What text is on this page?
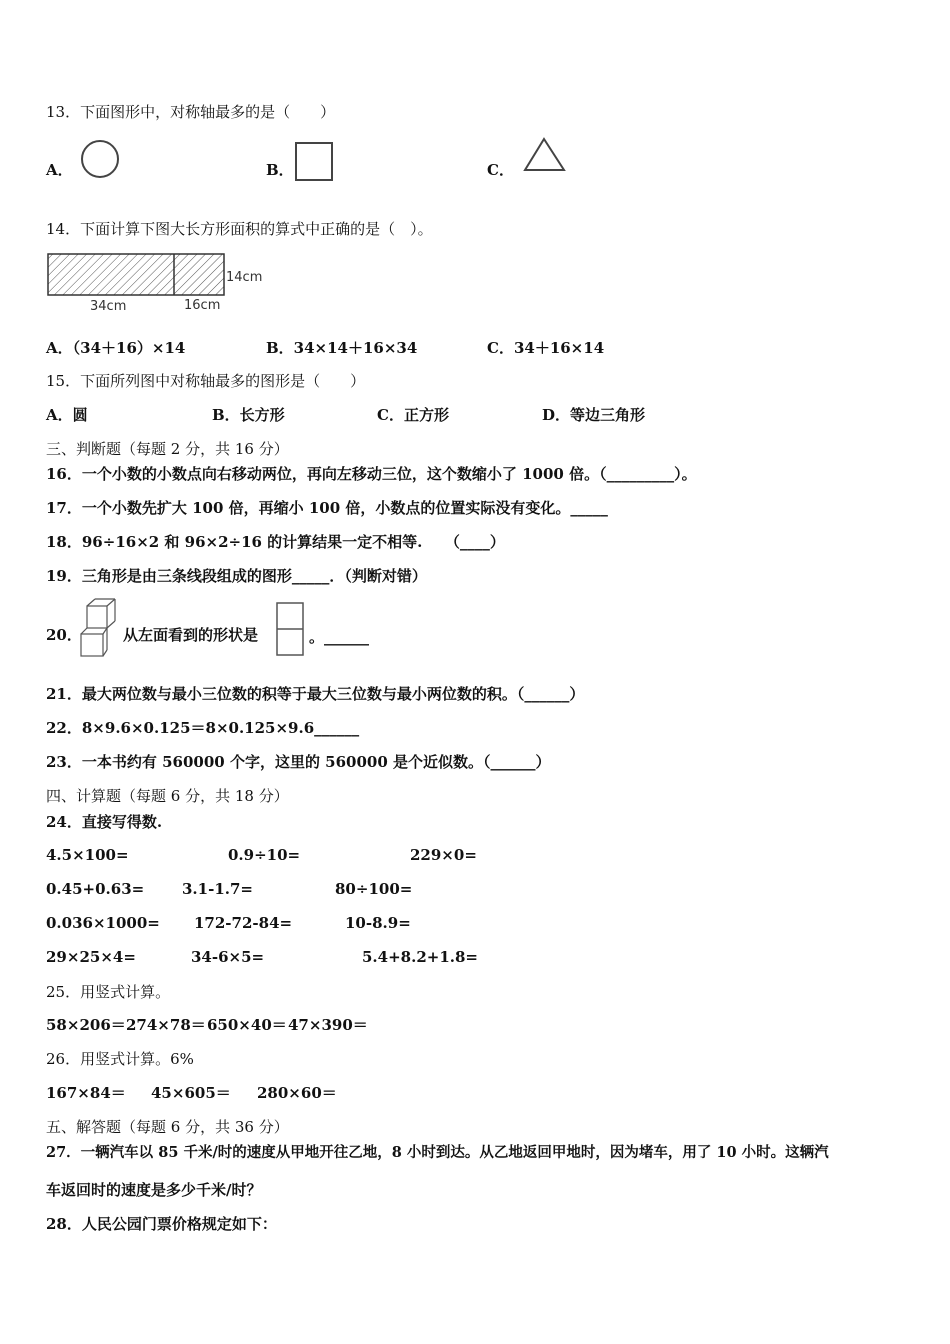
13．下面图形中，对称轴最多的是（　　）
A．	B．	C．
14．下面计算下图大长方形面积的算式中正确的是（　）。
14cm
34cm	16cm
A．（34＋16）×14	B．34×14＋16×34	C．34＋16×14
15．下面所列图中对称轴最多的图形是（　　）
A．圆	B．长方形	C．正方形	D．等边三角形
三、判断题（每题 2 分，共 16 分）
16．一个小数的小数点向右移动两位，再向左移动三位，这个数缩小了 1000 倍。（_________）。
17．一个小数先扩大 100 倍，再缩小 100 倍，小数点的位置实际没有变化。_____
18．96÷16×2 和 96×2÷16 的计算结果一定不相等.　　（____）
19．三角形是由三条线段组成的图形_____．（判断对错）
20．	从左面看到的形状是	。______
21．最大两位数与最小三位数的积等于最大三位数与最小两位数的积。（______）
22．8×9.6×0.125＝8×0.125×9.6______
23．一本书约有 560000 个字，这里的 560000 是个近似数。（______）
四、计算题（每题 6 分，共 18 分）
24．直接写得数.
4.5×100=	0.9÷10=	229×0=
0.45+0.63=	3.1-1.7=	80÷100=
0.036×1000= 172-72-84=	10-8.9=
29×25×4=	34-6×5=	5.4+8.2+1.8=
25．用竖式计算。
58×206＝ 274×78＝ 650×40＝ 47×390＝
26．用竖式计算。6%
167×84＝ 45×605＝ 280×60＝
五、解答题（每题 6 分，共 36 分）
27．一辆汽车以 85 千米/时的速度从甲地开往乙地，8 小时到达。从乙地返回甲地时，因为堵车，用了 10 小时。这辆汽
车返回时的速度是多少千米/时？
28．人民公园门票价格规定如下：
